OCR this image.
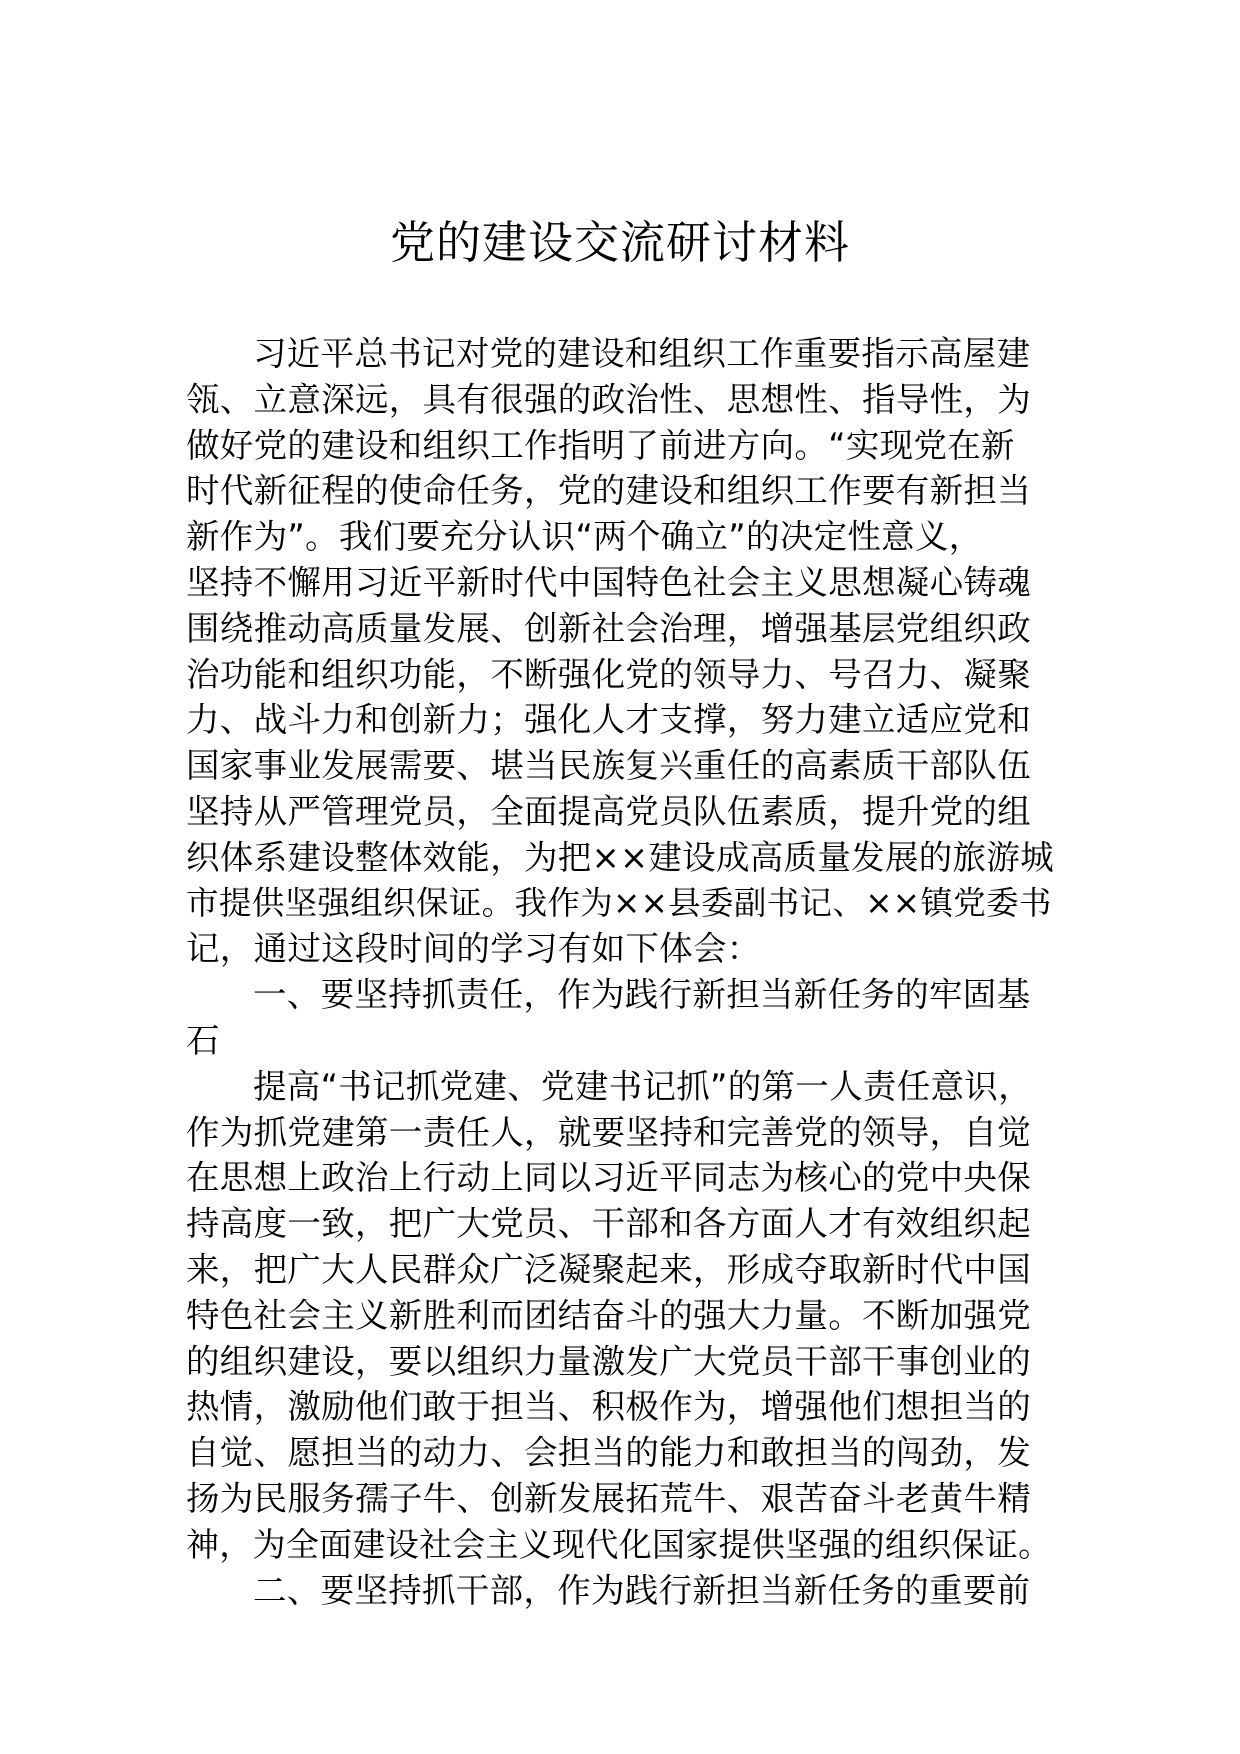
党的建设交流研讨材料
习近平总书记对党的建设和组织工作重要指示高屋建
瓴、立意深远，具有很强的政治性、思想性、指导性，为
做好党的建设和组织工作指明了前进方向。“实现党在新
时代新征程的使命任务，党的建设和组织工作要有新担当
新作为”。我们要充分认识“两个确立”的决定性意义，
坚持不懈用习近平新时代中国特色社会主义思想凝心铸魂
围绕推动高质量发展、创新社会治理，增强基层党组织政
治功能和组织功能，不断强化党的领导力、号召力、凝聚
力、战斗力和创新力；强化人才支撑，努力建立适应党和
国家事业发展需要、堪当民族复兴重任的高素质干部队伍
坚持从严管理党员，全面提高党员队伍素质，提升党的组
织体系建设整体效能，为把××建设成高质量发展的旅游城
市提供坚强组织保证。我作为××县委副书记、××镇党委书
记，通过这段时间的学习有如下体会：
一、要坚持抓责任，作为践行新担当新任务的牢固基
石
提高“书记抓党建、党建书记抓”的第一人责任意识，
作为抓党建第一责任人，就要坚持和完善党的领导，自觉
在思想上政治上行动上同以习近平同志为核心的党中央保
持高度一致，把广大党员、干部和各方面人才有效组织起
来，把广大人民群众广泛凝聚起来，形成夺取新时代中国
特色社会主义新胜利而团结奋斗的强大力量。不断加强党
的组织建设，要以组织力量激发广大党员干部干事创业的
热情，激励他们敢于担当、积极作为，增强他们想担当的
自觉、愿担当的动力、会担当的能力和敢担当的闯劲，发
扬为民服务孺子牛、创新发展拓荒牛、艰苦奋斗老黄牛精
神，为全面建设社会主义现代化国家提供坚强的组织保证。
二、要坚持抓干部，作为践行新担当新任务的重要前
